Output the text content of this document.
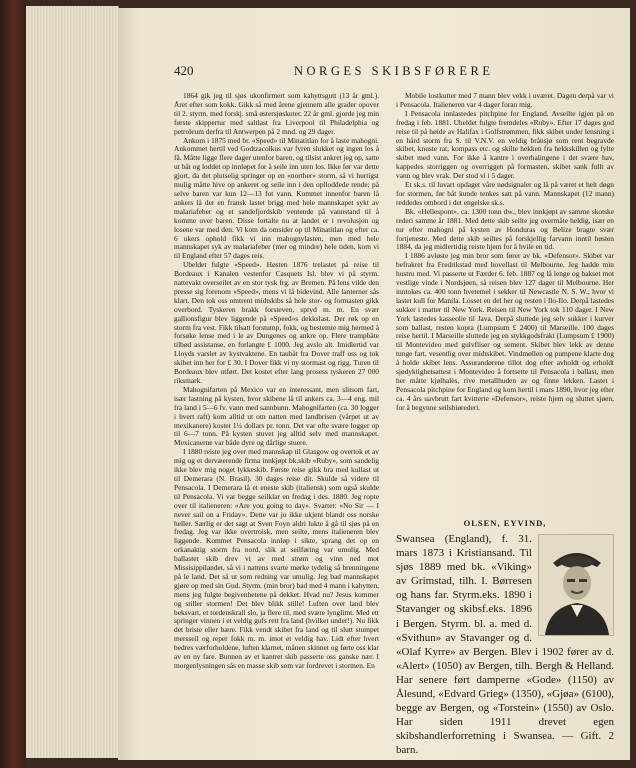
420	NORGES SKIBSFØRERE

1864 gik jeg til sjøs ukonfirmert som kahyttsgutt (13 år gml.). Året efter som kokk. Gikk så med årene gjennem alle grader opover til 2. styrm. med forskj. små østersjøskuter. 22 år gml. gjorde jeg min første skippertur med saltlast fra Liverpool til Philadelphia og petroleum derfra til Antwerpen på 2 mnd. og 29 dager.

Ankom i 1875 med br. «Speed» til Minatitlan for å laste mahogni. Ankommet hertil ved Godtzacolkus var fyren slukket og ingen los å få. Måtte ligge flere dager utenfor baren, og tilsist ankret jeg op, satte ut båt og loddet op innløpet for å seile inn uten los. Ikke før var dette gjort, da det plutselig springer op en «norther» storm, så vi hurtigst mulig måtte hive op ankeret og seile inn i den oplloddede rende; på selve baren var kun 12—13 fot vann. Kommet innenfor baren lå ankers lå der en fransk lastet brigg med hele mannskapet sykt av malariafeber og et sandefjordskib ventende på vannstand til å komme over baren. Disse fortalte nu at landet er i revolusjon og losene var med den. Vi kom da omsider op til Minatitlan og efter ca. 6 ukers ophold fikk vi inn mahognylasten, men med hele mannskapet syk av malariafeber (mer og mindre) hele tiden, kom vi til England efter 57 dages reis.

Ubeldet fulgte «Speed». Høsten 1876 trelastet på reise til Bordeaux i Kanalen vestenfor Casquets Isl. blev vi på styrm. nattevakt overseilet av en stor tysk frg. av Bremen. På lens vilde den presse sig forenom «Speed», mens vi lå bidevind. Alle lanterner sås klart. Den tok oss omtrent midtskibs så hele stor- og formasten gikk overbord. Tyskeren brakk forsteven, spryd m. m. En svær gallionsfigur blev liggende på «Speed»s dekkslast. Der røk op en storm fra vest. Fikk tilsatt forstump, fokk, og bestemte mig hermed å forsøke lense med i le av Dungenes og ankre op. Flere trampbåte tilbød assistanse, en forlangte £ 1000. Jeg avslo alt. Imidlertid var Lloyds varslet av kystvaktene. En taubåt fra Dover traff oss og tok skibet inn her for £ 30. I Dover fikk vi ny stormast og rigg. Turen til Bordeaux blev utført. Det kostet efter lang prosess tyskeren 27 000 riksmark.

Mahognifarten på Mexico var en interessant, men slitsom fart, især lastning på kysten, hvor skibene lå til ankers ca. 3—4 eng. mil fra land i 5—6 fv. vann med sannbunn. Mahognifarten (ca. 30 logger i hvert raft) kom alltid ut om natten med landbrisen (vårpet ut av mexikanere) kostet 1¼ dollars pr. tonn. Det var ofte svære logger op til 6—7 tonn. På kysten stuvet jeg alltid selv med mannskapet. Mexicanerne var både dyre og dårlige stuere.

I 1880 reiste jeg over med mannskap til Glasgow og overtok et av mig og et dervæerende firma innkjøpt bk.skib «Ruby», som sandelig ikke blev mig noget lykkeskib. Første reise gikk bra med kullast ut til Demerara (N. Brasil). 30 dages reise dit. Skulde så videre til Pensacola. I Demerara lå et eneste skib (italiensk) som også skulde til Pensacola. Vi var begge seilklar en fredag i des. 1880. Jeg ropte over til italieneren: «Are you going to day». Svartet: «No Sir — I never sail on a Friday». Dette var jo ikke ukjent blandt oss norske heller. Særlig er det sagt at Sven Foyn aldri lukte å gå til sjøs på en fredag. Jeg var ikke overtroisk, men seilte, mens italieneren blev liggende. Kommet Pensacola innløp i sikte, sprang det op en orkanaktig storm fra nord, slik at seilføring var umulig. Med ballastet skib drev vi av med strøm og vinn ned mot Missisippilandet, så vi i nattens svarte mørke tydelig så brenningene på le land. Det så ut som redning var umulig. Jeg bad mannskapet gjøre op med sin Gud. Styrm. (min bror) bad med 4 mann i kahytten, mens jeg fulgte begivenhetene på dekket. Hvad nu? Jesus kommer og stiller stormen! Det blev blikk stille! Luften over land blev beksvart, et tordenskrall slo, ja flere til, med svære lynglimt. Med ett springer vinnen i et veldig gufs rett fra land (hvilket under!). Nu fikk det briste eller bære. Fikk vendt skibet fra land og til slutt stumpet mersseil og reper fokk m. m. imot et veldig hav. Lidt efter hvert bedres værforholdene, luften klarnet, månen skinnet og førte oss klar av en ny fare. Bunnen av et kantret skib passerte oss ganske nær. I morgenlysningen sås en masse skib som var fordrevet i stormen. En

Mobile lostkutter med 7 mann blev vekk i uværet. Dagen derpå var vi i Pensacola. Italieneren var 4 dager foran mig.

I Pensacola innlastedes pitchpine for England. Avseilte igjen på en fredag i feb. 1881. Uheldet fulgte fremdeles «Ruby». Efter 17 dages god reise til på høide av Halifax i Golfstrømmen, fikk skibet under lensning i en hård storm fra S. til V.N.V. en veldig brånsjø som rent begravde skibet, knuste rat, kompass etc. og skilte hekken fra hekkskillen og fylte skibet med vann. For ikke å kantre i overhalingene i det svære hav, kappedes storriggen og overriggen på formasten, skibet sank fullt av vann og blev vrak. Der stod vi i 5 dager.

Et sk.s. til luvart opdaget våre nødsignaler og lå på været et helt døgn for stormen, før båt kunde tenkes satt på vann. Mannskapet (12 mann) reddedes ombord i det engelske sk.s.

Bk. «Hellespont», ca. 1300 tonn dw., blev innkjøpt av samme skotske rederi samme år 1881. Med dette skib seilte jeg overmåte heldig, især en tur efter mahogni på kysten av Honduras og Belize bragte svær fortjeneste. Med dette skib seiltes på forskjellig farvann inntil høsten 1884, da jeg midlertidig reiste hjem for å hvile en tid.

I 1886 avløste jeg min bror som fører av bk. «Defensor». Skibet var befrakret fra Fredrikstad med hovellast til Melbourne. Jeg hadde min hustru med. Vi passerte ut Færder 6. feb. 1887 og lå lenge og bakset mot vestlige vinde i Nordsjøen, så reisen blev 127 dager til Melbourne. Her inntokes ca. 400 tonn hvetemel i sekker til Newcastle N. S. W., hvor vi lastet kull for Manila. Losset en del her og resten i Ilo-Ilo. Derpå lastedes sukker i matter til New York. Reisen til New York tok 110 dager. I New York lastedes kasseolie til Java. Derpå sluttede jeg selv sukker i kurver som ballast, resten kopra (Lumpsum £ 2400) til Marseille. 100 dages reise hertil. I Marseille sluttede jeg en stykkgodsfrakt (Lumpsum £ 1900) til Montevideo med gulvfliser og sement. Skibet blev lekk av denne tunge fart, vesentlig over midtskibet. Vindmøllen og pumpene klarte dog å holde skibet lens. Assurandørene tillot dog efter avholdt og erholdt sjødyktighetsattest i Montevideo å fortsette til Pensacola i ballast, men her måtte kjølhalès, rive metallhuden av og finne lekken. Lastet i Pensacola pitchpine for England og kom hertil i mars 1890, hvor jeg efter ca. 4 års uavbrutt fart kvitterte «Defensor», reiste hjem og sluttet sjøen, for å begynne seilsbiørederi.

OLSEN, EYVIND,

Swansea (England), f. 31. mars 1873 i Kristiansand. Til sjøs 1889 med bk. «Viking» av Grimstad, tilh. I. Børresen og hans far. Styrm.eks. 1890 i Stavanger og skibsf.eks. 1896 i Bergen. Styrm. bl. a. med d. «Svithun» av Stavanger og d. «Olaf Kyrre» av Bergen. Blev i 1902 fører av d. «Alert» (1050) av Bergen, tilh. Bergh & Helland. Har senere ført damperne «Gode» (1150) av Ålesund, «Edvard Grieg» (1350), «Gjøa» (6100), begge av Bergen, og «Torstein» (1550) av Oslo. Har siden 1911 drevet egen skibshandlerforretning i Swansea. — Gift. 2 barn.
